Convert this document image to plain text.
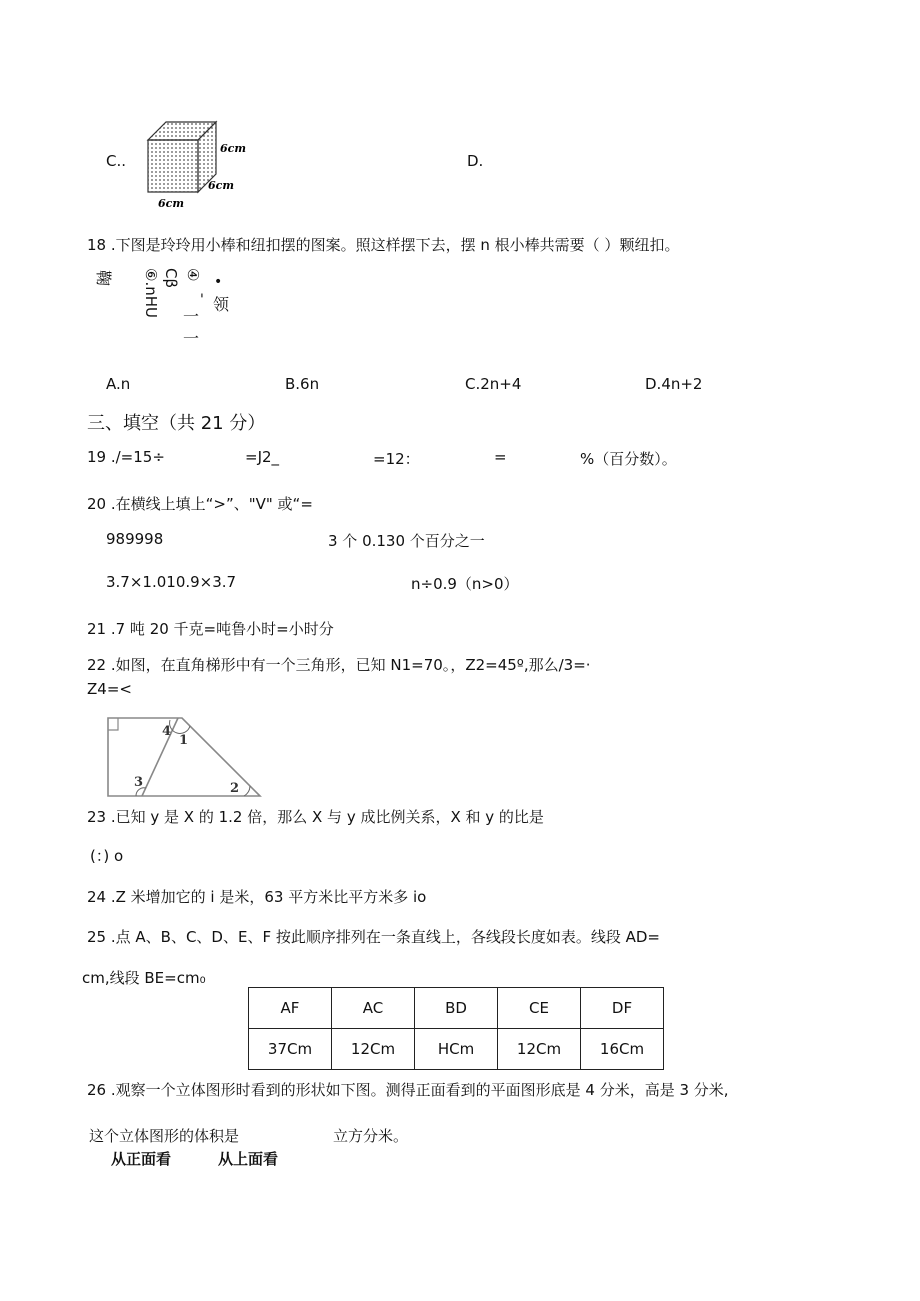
C..
6cm
6cm
6cm
D.
18 .下图是玲玲用小棒和纽扣摆的图案。照这样摆下去，摆 n 根小棒共需要（ ）颗纽扣。
鞠 ⑥.nHU Cβ ④
一
一
•
' 领
A.n	B.6n	C.2n+4	D.4n+2
三、填空（共 21 分）
19 ./=15÷	=J2_	=12：	=	%（百分数）。
20 .在横线上填上“>”、"V" 或“=
989998	3 个 0.130 个百分之一
3.7×1.010.9×3.7	n÷0.9（n>0）
21 .7 吨 20 千克=吨鲁小时=小时分
22 .如图，在直角梯形中有一个三角形，已知 N1=70。，Z2=45º,那么/3=·
Z4=<
4
1
3	2
23 .已知 y 是 X 的 1.2 倍，那么 X 与 y 成比例关系，X 和 y 的比是
(：) o
24 .Z 米增加它的 i 是米，63 平方米比平方米多 io
25 .点 A、B、C、D、E、F 按此顺序排列在一条直线上，各线段长度如表。线段 AD=
cm,线段 BE=cm₀
AF	AC	BD	CE	DF
37Cm	12Cm	HCm	12Cm	16Cm
26 .观察一个立体图形时看到的形状如下图。测得正面看到的平面图形底是 4 分米，高是 3 分米,
这个立体图形的体积是	立方分米。
从正面看	从上面看
